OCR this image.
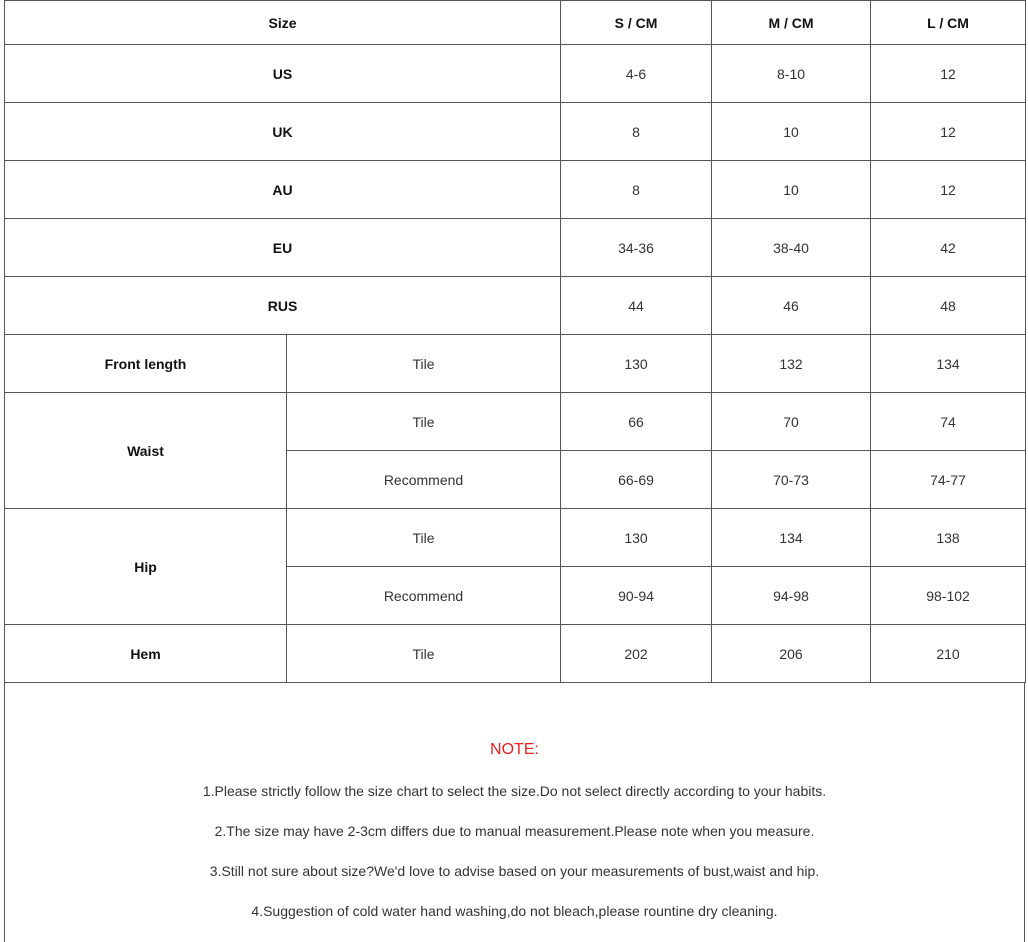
Size		S / CM	M / CM	L / CM
US		4-6	8-10	12
UK		8	10	12
AU		8	10	12
EU		34-36	38-40	42
RUS		44	46	48
Front length	Tile	130	132	134
Waist	Tile	66	70	74
	Recommend	66-69	70-73	74-77
Hip	Tile	130	134	138
	Recommend	90-94	94-98	98-102
Hem	Tile	202	206	210
NOTE:
1.Please strictly follow the size chart to select the size.Do not select directly according to your habits.
2.The size may have 2-3cm differs due to manual measurement.Please note when you measure.
3.Still not sure about size?We'd love to advise based on your measurements of bust,waist and hip.
4.Suggestion of cold water hand washing,do not bleach,please rountine dry cleaning.
